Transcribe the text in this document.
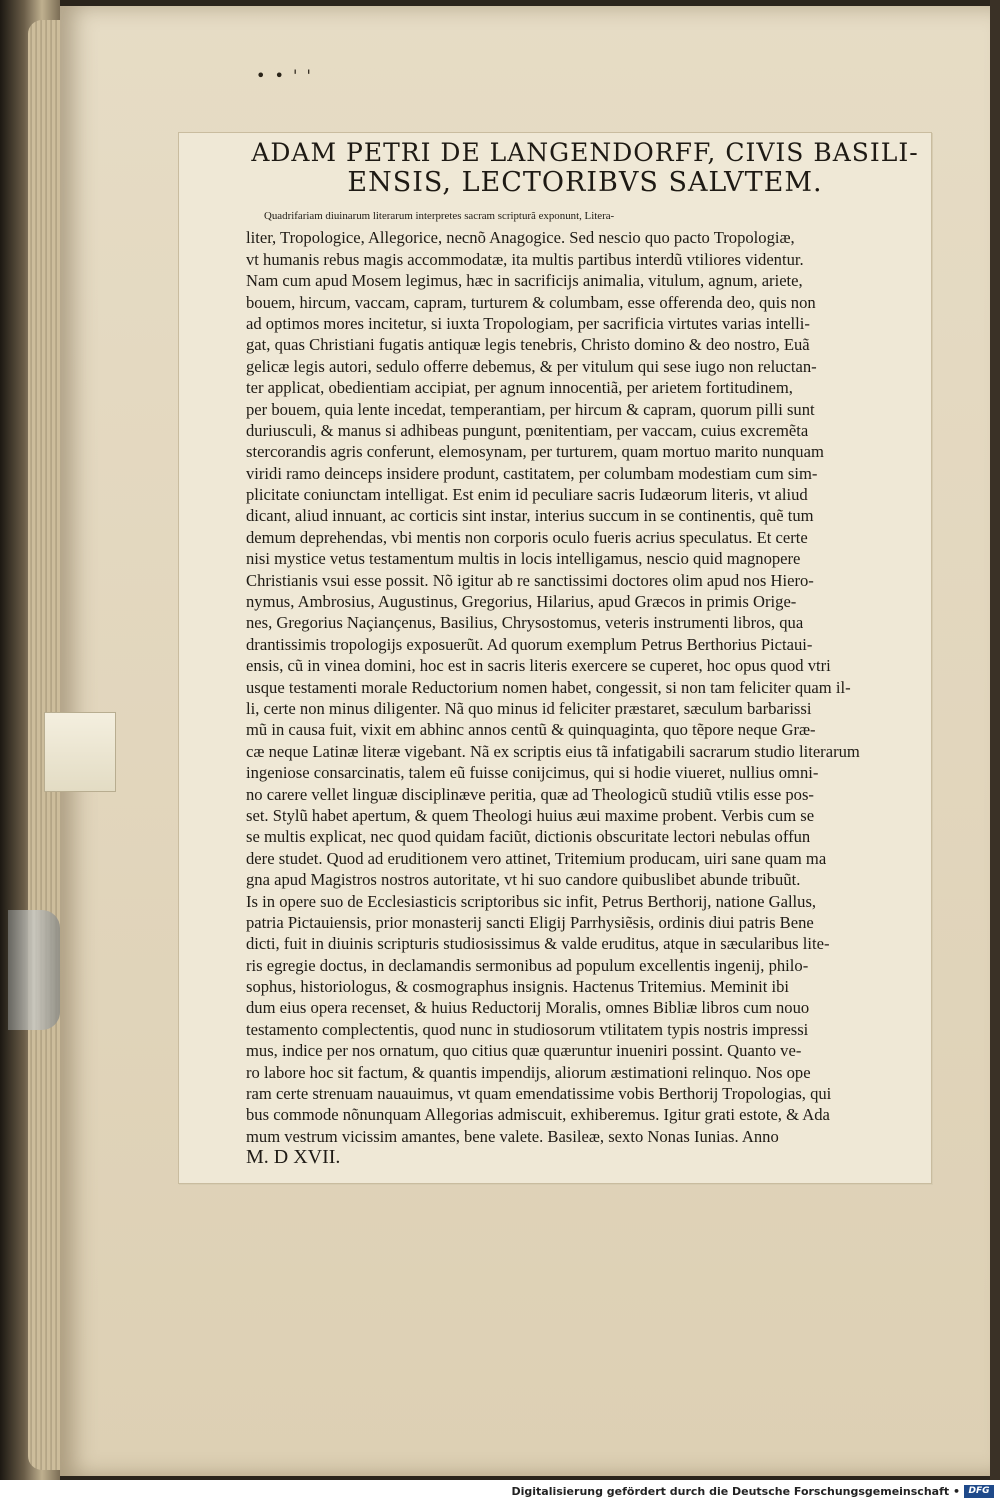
• • ' '
ADAM PETRI DE LANGENDORFF, CIVIS BASILI-
ENSIS, LECTORIBVS SALVTEM.
Quadrifariam diuinarum literarum interpretes sacram scripturã exponunt, Litera-
liter, Tropologice, Allegorice, necnõ Anagogice. Sed nescio quo pacto Tropologiæ,
vt humanis rebus magis accommodatæ, ita multis partibus interdũ vtiliores videntur.
Nam cum apud Mosem legimus, hæc in sacrificijs animalia, vitulum, agnum, ariete,
bouem, hircum, vaccam, capram, turturem & columbam, esse offerenda deo, quis non
ad optimos mores incitetur, si iuxta Tropologiam, per sacrificia virtutes varias intelli-
gat, quas Christiani fugatis antiquæ legis tenebris, Christo domino & deo nostro, Euã
gelicæ legis autori, sedulo offerre debemus, & per vitulum qui sese iugo non reluctan-
ter applicat, obedientiam accipiat, per agnum innocentiã, per arietem fortitudinem,
per bouem, quia lente incedat, temperantiam, per hircum & capram, quorum pilli sunt
duriusculi, & manus si adhibeas pungunt, pœnitentiam, per vaccam, cuius excremẽta
stercorandis agris conferunt, elemosynam, per turturem, quam mortuo marito nunquam
viridi ramo deinceps insidere produnt, castitatem, per columbam modestiam cum sim-
plicitate coniunctam intelligat. Est enim id peculiare sacris Iudæorum literis, vt aliud
dicant, aliud innuant, ac corticis sint instar, interius succum in se continentis, quẽ tum
demum deprehendas, vbi mentis non corporis oculo fueris acrius speculatus. Et certe
nisi mystice vetus testamentum multis in locis intelligamus, nescio quid magnopere
Christianis vsui esse possit. Nõ igitur ab re sanctissimi doctores olim apud nos Hiero-
nymus, Ambrosius, Augustinus, Gregorius, Hilarius, apud Græcos in primis Orige-
nes, Gregorius Naçiançenus, Basilius, Chrysostomus, veteris instrumenti libros, qua
drantissimis tropologijs exposuerũt. Ad quorum exemplum Petrus Berthorius Pictaui-
ensis, cũ in vinea domini, hoc est in sacris literis exercere se cuperet, hoc opus quod vtri
usque testamenti morale Reductorium nomen habet, congessit, si non tam feliciter quam il-
li, certe non minus diligenter. Nã quo minus id feliciter præstaret, sæculum barbarissi
mũ in causa fuit, vixit em abhinc annos centũ & quinquaginta, quo tẽpore neque Græ-
cæ neque Latinæ literæ vigebant. Nã ex scriptis eius tã infatigabili sacrarum studio literarum
ingeniose consarcinatis, talem eũ fuisse conijcimus, qui si hodie viueret, nullius omni-
no carere vellet linguæ disciplinæve peritia, quæ ad Theologicũ studiũ vtilis esse pos-
set. Stylũ habet apertum, & quem Theologi huius æui maxime probent. Verbis cum se
se multis explicat, nec quod quidam faciũt, dictionis obscuritate lectori nebulas offun
dere studet. Quod ad eruditionem vero attinet, Tritemium producam, uiri sane quam ma
gna apud Magistros nostros autoritate, vt hi suo candore quibuslibet abunde tribuũt.
Is in opere suo de Ecclesiasticis scriptoribus sic infit, Petrus Berthorij, natione Gallus,
patria Pictauiensis, prior monasterij sancti Eligij Parrhysiẽsis, ordinis diui patris Bene
dicti, fuit in diuinis scripturis studiosissimus & valde eruditus, atque in sæcularibus lite-
ris egregie doctus, in declamandis sermonibus ad populum excellentis ingenij, philo-
sophus, historiologus, & cosmographus insignis. Hactenus Tritemius. Meminit ibi
dum eius opera recenset, & huius Reductorij Moralis, omnes Bibliæ libros cum nouo
testamento complectentis, quod nunc in studiosorum vtilitatem typis nostris impressi
mus, indice per nos ornatum, quo citius quæ quæruntur inueniri possint. Quanto ve-
ro labore hoc sit factum, & quantis impendijs, aliorum æstimationi relinquo. Nos ope
ram certe strenuam nauauimus, vt quam emendatissime vobis Berthorij Tropologias, qui
bus commode nõnunquam Allegorias admiscuit, exhiberemus. Igitur grati estote, & Ada
mum vestrum vicissim amantes, bene valete. Basileæ, sexto Nonas Iunias. Anno
M. D XVII.
Digitalisierung gefördert durch die Deutsche Forschungsgemeinschaft • DFG
